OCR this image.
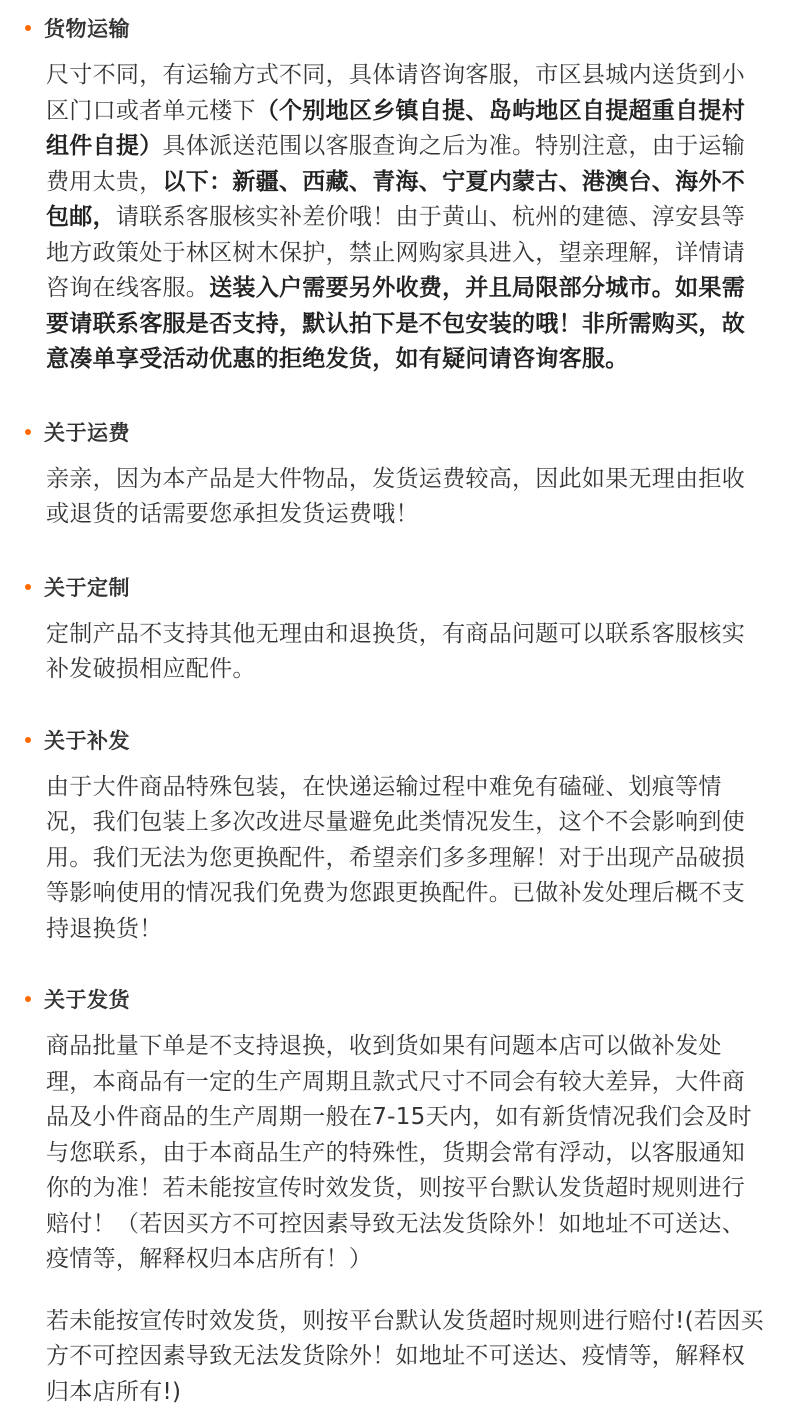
货物运输
尺寸不同，有运输方式不同，具体请咨询客服，市区县城内送货到小区门口或者单元楼下（个别地区乡镇自提、岛屿地区自提超重自提村组件自提）具体派送范围以客服查询之后为准。特别注意，由于运输费用太贵，以下：新疆、西藏、青海、宁夏内蒙古、港澳台、海外不包邮，请联系客服核实补差价哦！由于黄山、杭州的建德、淳安县等地方政策处于林区树木保护，禁止网购家具进入，望亲理解，详情请咨询在线客服。送装入户需要另外收费，并且局限部分城市。如果需要请联系客服是否支持，默认拍下是不包安装的哦！非所需购买，故意凑单享受活动优惠的拒绝发货，如有疑问请咨询客服。
关于运费
亲亲，因为本产品是大件物品，发货运费较高，因此如果无理由拒收或退货的话需要您承担发货运费哦！
关于定制
定制产品不支持其他无理由和退换货，有商品问题可以联系客服核实补发破损相应配件。
关于补发
由于大件商品特殊包装，在快递运输过程中难免有磕碰、划痕等情况，我们包装上多次改进尽量避免此类情况发生，这个不会影响到使用。我们无法为您更换配件，希望亲们多多理解！对于出现产品破损等影响使用的情况我们免费为您跟更换配件。已做补发处理后概不支持退换货！
关于发货
商品批量下单是不支持退换，收到货如果有问题本店可以做补发处理，本商品有一定的生产周期且款式尺寸不同会有较大差异，大件商品及小件商品的生产周期一般在7-15天内，如有新货情况我们会及时与您联系，由于本商品生产的特殊性，货期会常有浮动，以客服通知你的为准！若未能按宣传时效发货，则按平台默认发货超时规则进行赔付！（若因买方不可控因素导致无法发货除外！如地址不可送达、疫情等，解释权归本店所有！）
若未能按宣传时效发货，则按平台默认发货超时规则进行赔付!(若因买方不可控因素导致无法发货除外！如地址不可送达、疫情等，解释权归本店所有!)
